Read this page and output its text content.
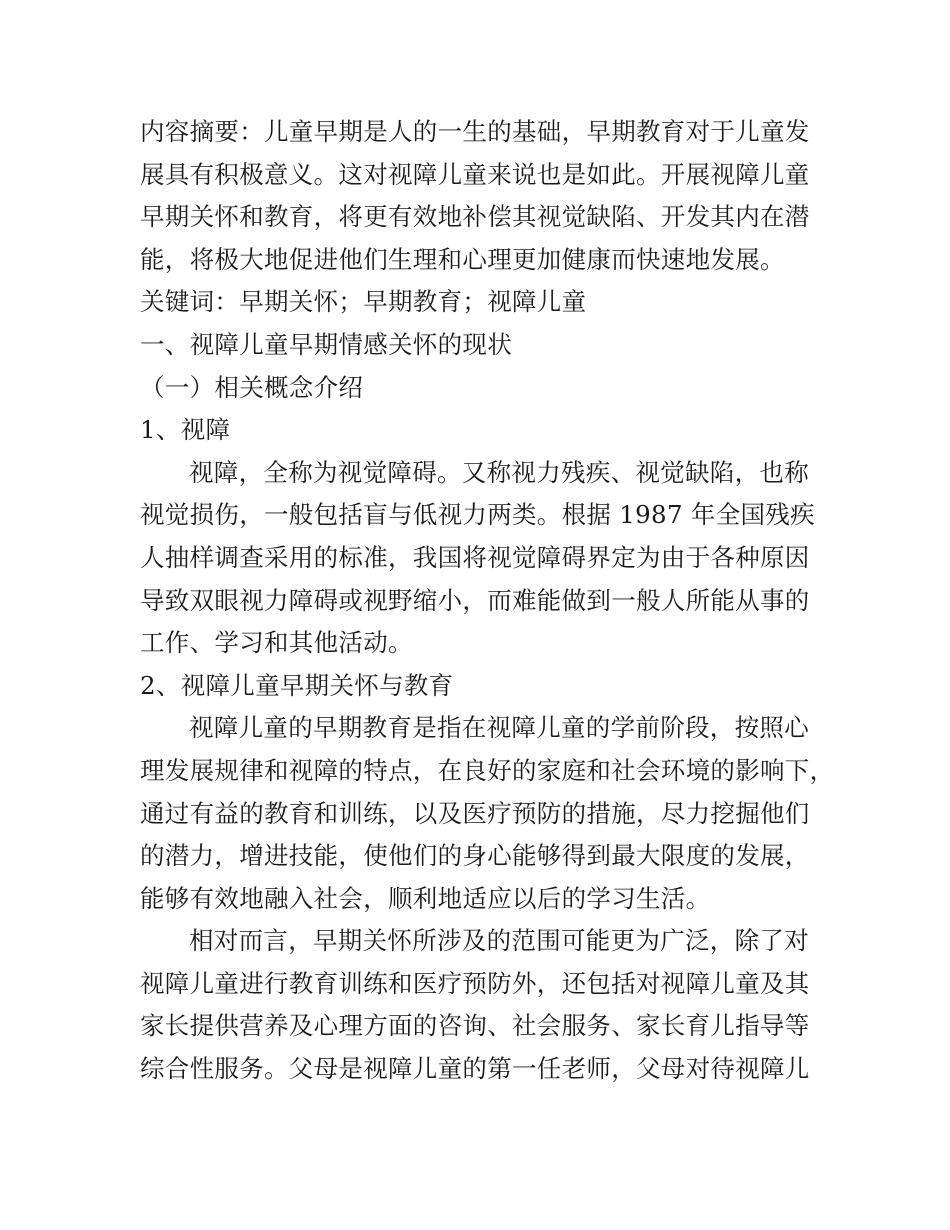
内容摘要：儿童早期是人的一生的基础，早期教育对于儿童发
展具有积极意义。这对视障儿童来说也是如此。开展视障儿童
早期关怀和教育，将更有效地补偿其视觉缺陷、开发其内在潜
能，将极大地促进他们生理和心理更加健康而快速地发展。
关键词：早期关怀；早期教育；视障儿童
一、视障儿童早期情感关怀的现状
（一）相关概念介绍
1、视障
视障，全称为视觉障碍。又称视力残疾、视觉缺陷，也称
视觉损伤，一般包括盲与低视力两类。根据 1987 年全国残疾
人抽样调查采用的标准，我国将视觉障碍界定为由于各种原因
导致双眼视力障碍或视野缩小，而难能做到一般人所能从事的
工作、学习和其他活动。
2、视障儿童早期关怀与教育
视障儿童的早期教育是指在视障儿童的学前阶段，按照心
理发展规律和视障的特点，在良好的家庭和社会环境的影响下，
通过有益的教育和训练，以及医疗预防的措施，尽力挖掘他们
的潜力，增进技能，使他们的身心能够得到最大限度的发展，
能够有效地融入社会，顺利地适应以后的学习生活。
相对而言，早期关怀所涉及的范围可能更为广泛，除了对
视障儿童进行教育训练和医疗预防外，还包括对视障儿童及其
家长提供营养及心理方面的咨询、社会服务、家长育儿指导等
综合性服务。父母是视障儿童的第一任老师，父母对待视障儿
